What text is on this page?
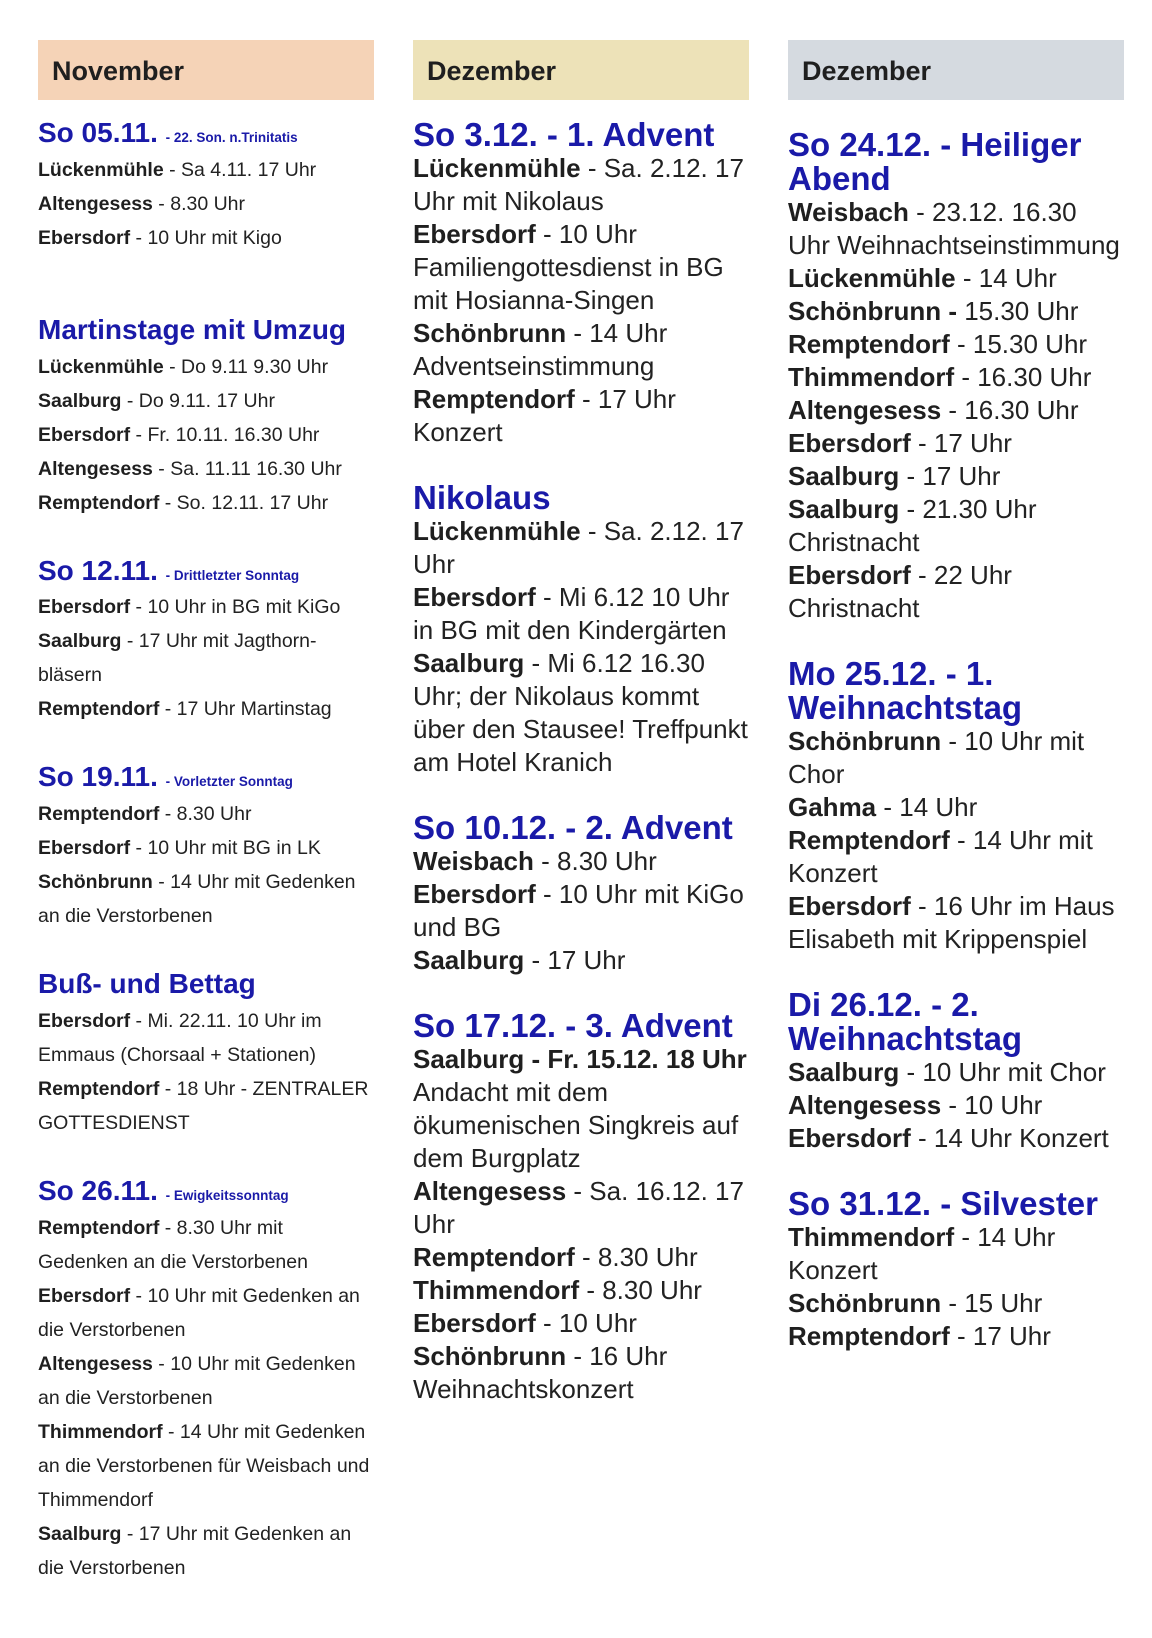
November
So 05.11. - 22. Son. n.Trinitatis
Lückenmühle - Sa 4.11. 17 Uhr
Altengesess - 8.30 Uhr
Ebersdorf - 10 Uhr mit Kigo
Martinstage mit Umzug
Lückenmühle - Do 9.11 9.30 Uhr
Saalburg - Do 9.11. 17 Uhr
Ebersdorf - Fr. 10.11. 16.30 Uhr
Altengesess - Sa. 11.11 16.30 Uhr
Remptendorf - So. 12.11. 17 Uhr
So 12.11. - Drittletzter Sonntag
Ebersdorf - 10 Uhr in BG mit KiGo
Saalburg - 17 Uhr mit Jagthorn-bläsern
Remptendorf - 17 Uhr Martinstag
So 19.11. - Vorletzter Sonntag
Remptendorf - 8.30 Uhr
Ebersdorf - 10 Uhr mit BG in LK
Schönbrunn - 14 Uhr mit Gedenken an die Verstorbenen
Buß- und Bettag
Ebersdorf - Mi. 22.11. 10 Uhr im Emmaus (Chorsaal + Stationen)
Remptendorf - 18 Uhr - ZENTRALER GOTTESDIENST
So 26.11. - Ewigkeitssonntag
Remptendorf - 8.30 Uhr mit Gedenken an die Verstorbenen
Ebersdorf - 10 Uhr mit Gedenken an die Verstorbenen
Altengesess - 10 Uhr mit Gedenken an die Verstorbenen
Thimmendorf - 14 Uhr mit Gedenken an die Verstorbenen für Weisbach und Thimmendorf
Saalburg - 17 Uhr mit Gedenken an die Verstorbenen
Dezember
So 3.12. - 1. Advent
Lückenmühle - Sa. 2.12. 17 Uhr mit Nikolaus
Ebersdorf - 10 Uhr Familiengottesdienst in BG mit Hosianna-Singen
Schönbrunn - 14 Uhr Adventseinstimmung
Remptendorf - 17 Uhr Konzert
Nikolaus
Lückenmühle - Sa. 2.12. 17 Uhr
Ebersdorf - Mi 6.12 10 Uhr in BG mit den Kindergärten
Saalburg - Mi 6.12 16.30 Uhr; der Nikolaus kommt über den Stausee! Treffpunkt am Hotel Kranich
So 10.12. - 2. Advent
Weisbach - 8.30 Uhr
Ebersdorf - 10 Uhr mit KiGo und BG
Saalburg - 17 Uhr
So 17.12. - 3. Advent
Saalburg - Fr. 15.12. 18 Uhr Andacht mit dem ökumenischen Singkreis auf dem Burgplatz
Altengesess - Sa. 16.12. 17 Uhr
Remptendorf - 8.30 Uhr
Thimmendorf - 8.30 Uhr
Ebersdorf - 10 Uhr
Schönbrunn - 16 Uhr Weihnachtskonzert
Dezember
So 24.12. - Heiliger Abend
Weisbach - 23.12. 16.30 Uhr Weihnachtseinstimmung
Lückenmühle - 14 Uhr
Schönbrunn - 15.30 Uhr
Remptendorf - 15.30 Uhr
Thimmendorf - 16.30 Uhr
Altengesess - 16.30 Uhr
Ebersdorf - 17 Uhr
Saalburg - 17 Uhr
Saalburg - 21.30 Uhr Christnacht
Ebersdorf - 22 Uhr Christnacht
Mo 25.12. - 1. Weihnachtstag
Schönbrunn - 10 Uhr mit Chor
Gahma - 14 Uhr
Remptendorf - 14 Uhr mit Konzert
Ebersdorf - 16 Uhr im Haus Elisabeth mit Krippenspiel
Di 26.12. - 2. Weihnachtstag
Saalburg - 10 Uhr mit Chor
Altengesess - 10 Uhr
Ebersdorf - 14 Uhr Konzert
So 31.12. - Silvester
Thimmendorf - 14 Uhr Konzert
Schönbrunn - 15 Uhr
Remptendorf - 17 Uhr
